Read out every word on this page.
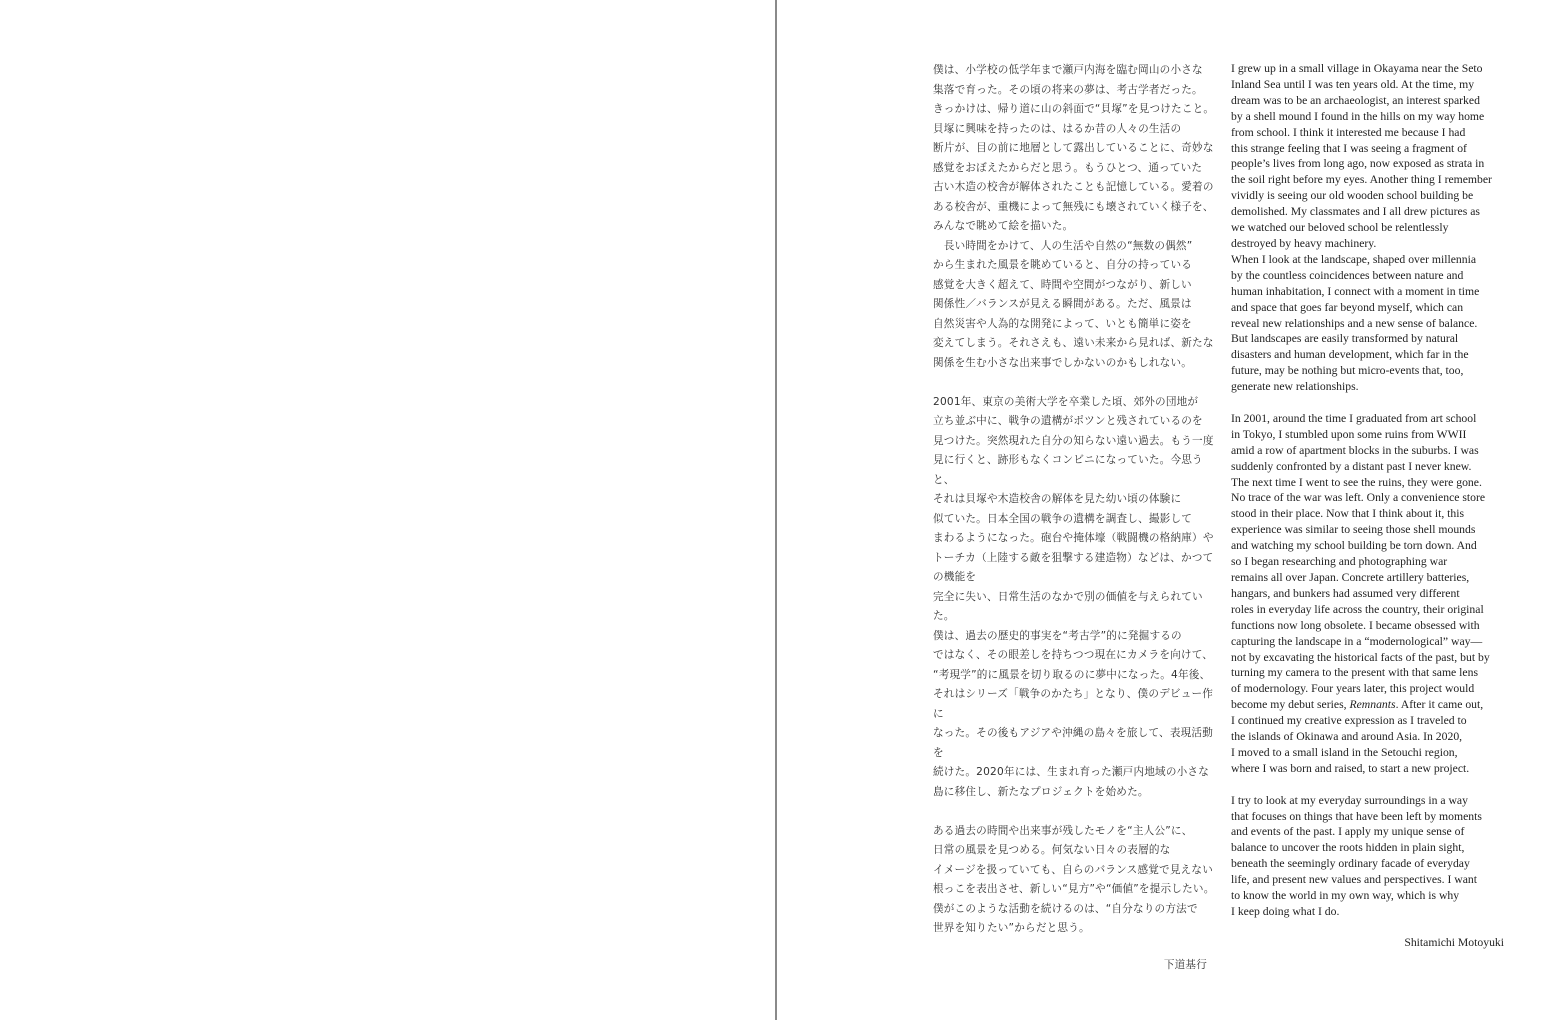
僕は、小学校の低学年まで瀬戸内海を臨む岡山の小さな
集落で育った。その頃の将来の夢は、考古学者だった。
きっかけは、帰り道に山の斜面で“貝塚”を見つけたこと。
貝塚に興味を持ったのは、はるか昔の人々の生活の
断片が、目の前に地層として露出していることに、奇妙な
感覚をおぼえたからだと思う。もうひとつ、通っていた
古い木造の校舎が解体されたことも記憶している。愛着の
ある校舎が、重機によって無残にも壊されていく様子を、
みんなで眺めて絵を描いた。

　長い時間をかけて、人の生活や自然の“無数の偶然”
から生まれた風景を眺めていると、自分の持っている
感覚を大きく超えて、時間や空間がつながり、新しい
関係性／バランスが見える瞬間がある。ただ、風景は
自然災害や人為的な開発によって、いとも簡単に姿を
変えてしまう。それさえも、遠い未来から見れば、新たな
関係を生む小さな出来事でしかないのかもしれない。

2001年、東京の美術大学を卒業した頃、郊外の団地が
立ち並ぶ中に、戦争の遺構がポツンと残されているのを
見つけた。突然現れた自分の知らない遠い過去。もう一度
見に行くと、跡形もなくコンビニになっていた。今思うと、
それは貝塚や木造校舎の解体を見た幼い頃の体験に
似ていた。日本全国の戦争の遺構を調査し、撮影して
まわるようになった。砲台や掩体壕（戦闘機の格納庫）や
トーチカ（上陸する敵を狙撃する建造物）などは、かつての機能を
完全に失い、日常生活のなかで別の価値を与えられていた。
僕は、過去の歴史的事実を“考古学”的に発掘するの
ではなく、その眼差しを持ちつつ現在にカメラを向けて、
“考現学”的に風景を切り取るのに夢中になった。4年後、
それはシリーズ「戦争のかたち」となり、僕のデビュー作に
なった。その後もアジアや沖縄の島々を旅して、表現活動を
続けた。2020年には、生まれ育った瀬戸内地域の小さな
島に移住し、新たなプロジェクトを始めた。

ある過去の時間や出来事が残したモノを“主人公”に、
日常の風景を見つめる。何気ない日々の表層的な
イメージを扱っていても、自らのバランス感覚で見えない
根っこを表出させ、新しい“見方”や“価値”を提示したい。
僕がこのような活動を続けるのは、“自分なりの方法で
世界を知りたい”からだと思う。

下道基行

I grew up in a small village in Okayama near the Seto
Inland Sea until I was ten years old. At the time, my
dream was to be an archaeologist, an interest sparked
by a shell mound I found in the hills on my way home
from school. I think it interested me because I had
this strange feeling that I was seeing a fragment of
people’s lives from long ago, now exposed as strata in
the soil right before my eyes. Another thing I remember
vividly is seeing our old wooden school building be
demolished. My classmates and I all drew pictures as
we watched our beloved school be relentlessly
destroyed by heavy machinery.

When I look at the landscape, shaped over millennia
by the countless coincidences between nature and
human inhabitation, I connect with a moment in time
and space that goes far beyond myself, which can
reveal new relationships and a new sense of balance.
But landscapes are easily transformed by natural
disasters and human development, which far in the
future, may be nothing but micro-events that, too,
generate new relationships.

In 2001, around the time I graduated from art school
in Tokyo, I stumbled upon some ruins from WWII
amid a row of apartment blocks in the suburbs. I was
suddenly confronted by a distant past I never knew.
The next time I went to see the ruins, they were gone.
No trace of the war was left. Only a convenience store
stood in their place. Now that I think about it, this
experience was similar to seeing those shell mounds
and watching my school building be torn down. And
so I began researching and photographing war
remains all over Japan. Concrete artillery batteries,
hangars, and bunkers had assumed very different
roles in everyday life across the country, their original
functions now long obsolete. I became obsessed with
capturing the landscape in a “modernological” way—
not by excavating the historical facts of the past, but by
turning my camera to the present with that same lens
of modernology. Four years later, this project would
become my debut series, Remnants. After it came out,
I continued my creative expression as I traveled to
the islands of Okinawa and around Asia. In 2020,
I moved to a small island in the Setouchi region,
where I was born and raised, to start a new project.

I try to look at my everyday surroundings in a way
that focuses on things that have been left by moments
and events of the past. I apply my unique sense of
balance to uncover the roots hidden in plain sight,
beneath the seemingly ordinary facade of everyday
life, and present new values and perspectives. I want
to know the world in my own way, which is why
I keep doing what I do.

Shitamichi Motoyuki
